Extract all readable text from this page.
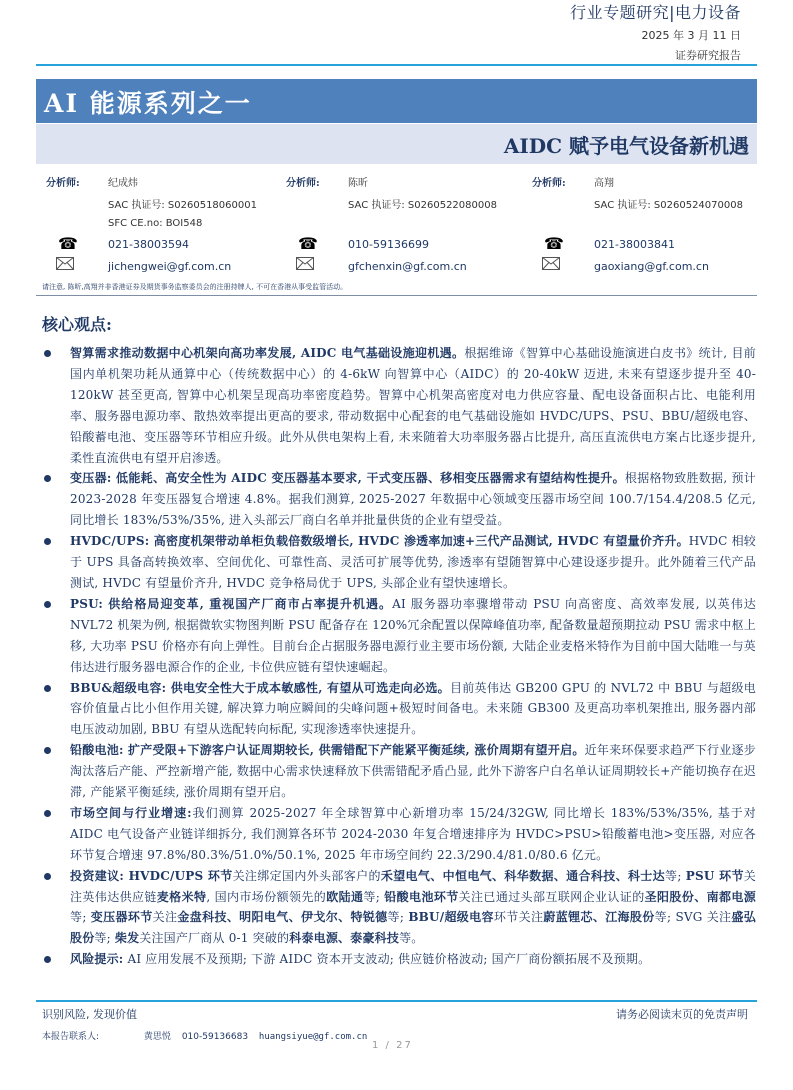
行业专题研究|电力设备
2025 年 3 月 11 日
证券研究报告
AI 能源系列之一
AIDC 赋予电气设备新机遇
分析师:	纪成炜
SAC 执证号: S0260518060001
SFC CE.no: BOI548
☎	021-38003594
jichengwei@gf.com.cn
分析师:	陈昕
SAC 执证号: S0260522080008
☎	010-59136699
gfchenxin@gf.com.cn
分析师:	高翔
SAC 执证号: S0260524070008
☎	021-38003841
gaoxiang@gf.com.cn
请注意, 陈昕,高翔并非香港证券及期货事务监察委员会的注册持牌人, 不可在香港从事受监管活动。
核心观点:
智算需求推动数据中心机架向高功率发展, AIDC 电气基础设施迎机遇。根据维谛《智算中心基础设施演进白皮书》统计, 目前国内单机架功耗从通算中心（传统数据中心）的 4-6kW 向智算中心（AIDC）的 20-40kW 迈进, 未来有望逐步提升至 40-120kW 甚至更高, 智算中心机架呈现高功率密度趋势。智算中心机架高密度对电力供应容量、配电设备面积占比、电能利用率、服务器电源功率、散热效率提出更高的要求, 带动数据中心配套的电气基础设施如 HVDC/UPS、PSU、BBU/超级电容、铅酸蓄电池、变压器等环节相应升级。此外从供电架构上看, 未来随着大功率服务器占比提升, 高压直流供电方案占比逐步提升, 柔性直流供电有望开启渗透。
变压器: 低能耗、高安全性为 AIDC 变压器基本要求, 干式变压器、移相变压器需求有望结构性提升。根据格物致胜数据, 预计 2023-2028 年变压器复合增速 4.8%。据我们测算, 2025-2027 年数据中心领域变压器市场空间 100.7/154.4/208.5 亿元, 同比增长 183%/53%/35%, 进入头部云厂商白名单并批量供货的企业有望受益。
HVDC/UPS: 高密度机架带动单柜负载倍数级增长, HVDC 渗透率加速+三代产品测试, HVDC 有望量价齐升。HVDC 相较于 UPS 具备高转换效率、空间优化、可靠性高、灵活可扩展等优势, 渗透率有望随智算中心建设逐步提升。此外随着三代产品测试, HVDC 有望量价齐升, HVDC 竞争格局优于 UPS, 头部企业有望快速增长。
PSU: 供给格局迎变革, 重视国产厂商市占率提升机遇。AI 服务器功率骤增带动 PSU 向高密度、高效率发展, 以英伟达 NVL72 机架为例, 根据微软实物图判断 PSU 配备存在 120%冗余配置以保障峰值功率, 配备数量超预期拉动 PSU 需求中枢上移, 大功率 PSU 价格亦有向上弹性。目前台企占据服务器电源行业主要市场份额, 大陆企业麦格米特作为目前中国大陆唯一与英伟达进行服务器电源合作的企业, 卡位供应链有望快速崛起。
BBU&超级电容: 供电安全性大于成本敏感性, 有望从可选走向必选。目前英伟达 GB200 GPU 的 NVL72 中 BBU 与超级电容价值量占比小但作用关键, 解决算力响应瞬间的尖峰问题+极短时间备电。未来随 GB300 及更高功率机架推出, 服务器内部电压波动加剧, BBU 有望从选配转向标配, 实现渗透率快速提升。
铅酸电池: 扩产受限+下游客户认证周期较长, 供需错配下产能紧平衡延续, 涨价周期有望开启。近年来环保要求趋严下行业逐步淘汰落后产能、严控新增产能, 数据中心需求快速释放下供需错配矛盾凸显, 此外下游客户白名单认证周期较长+产能切换存在迟滞, 产能紧平衡延续, 涨价周期有望开启。
市场空间与行业增速:我们测算 2025-2027 年全球智算中心新增功率 15/24/32GW, 同比增长 183%/53%/35%, 基于对 AIDC 电气设备产业链详细拆分, 我们测算各环节 2024-2030 年复合增速排序为 HVDC>PSU>铅酸蓄电池>变压器, 对应各环节复合增速 97.8%/80.3%/51.0%/50.1%, 2025 年市场空间约 22.3/290.4/81.0/80.6 亿元。
投资建议: HVDC/UPS 环节关注绑定国内外头部客户的禾望电气、中恒电气、科华数据、通合科技、科士达等; PSU 环节关注英伟达供应链麦格米特, 国内市场份额领先的欧陆通等; 铅酸电池环节关注已通过头部互联网企业认证的圣阳股份、南都电源等; 变压器环节关注金盘科技、明阳电气、伊戈尔、特锐德等; BBU/超级电容环节关注蔚蓝锂芯、江海股份等; SVG 关注盛弘股份等; 柴发关注国产厂商从 0-1 突破的科泰电源、泰豪科技等。
风险提示: AI 应用发展不及预期; 下游 AIDC 资本开支波动; 供应链价格波动; 国产厂商份额拓展不及预期。
识别风险, 发现价值	请务必阅读末页的免责声明
本报告联系人:	黄思悦 010-59136683 huangsiyue@gf.com.cn
1 / 27
